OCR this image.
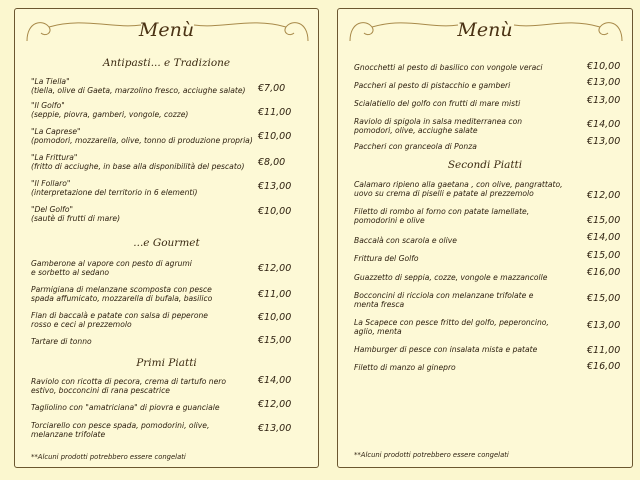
Menù
Antipasti... e Tradizione
"La Tiella"
(tiella, olive di Gaeta, marzolino fresco, acciughe salate)	€7,00
"Il Golfo"
(seppie, piovra, gamberi, vongole, cozze)	€11,00
"La Caprese"
(pomodori, mozzarella, olive, tonno di produzione propria) €10,00
"La Frittura"
(fritto di acciughe, in base alla disponibilità del pescato)	€8,00
"Il Follaro"
(interpretazione del territorio in 6 elementi)
€13,00
"Del Golfo"
(sautè di frutti di mare)
€10,00
...e Gourmet
Gamberone al vapore con pesto di agrumi
e sorbetto al sedano	€12,00
Parmigiana di melanzane scomposta con pesce
spada affumicato, mozzarella di bufala, basilico	€11,00
Flan di baccalà e patate con salsa di peperone
rosso e ceci al prezzemolo
€10,00
Tartare di tonno	€15,00
Primi Piatti
Raviolo con ricotta di pecora, crema di tartufo nero
estivo, bocconcini di rana pescatrice
€14,00
Tagliolino con "amatriciana" di piovra e guanciale	€12,00
Torciarello con pesce spada, pomodorini, olive,
melanzane trifolate
€13,00
**Alcuni prodotti potrebbero essere congelati
Menù
Gnocchetti al pesto di basilico con vongole veraci	€10,00
Paccheri al pesto di pistacchio e gamberi	€13,00
Scialatiello del golfo con frutti di mare misti	€13,00
Raviolo di spigola in salsa mediterranea con
pomodori, olive, acciughe salate
€14,00
Paccheri con granceola di Ponza	€13,00
Secondi Piatti
Calamaro ripieno alla gaetana , con olive, pangrattato,
uovo su crema di piselli e patate al prezzemolo	€12,00
Filetto di rombo al forno con patate lamellate,
pomodorini e olive	€15,00
Baccalà con scarola e olive	€14,00
Frittura del Golfo	€15,00
Guazzetto di seppia, cozze, vongole e mazzancolle	€16,00
Bocconcini di ricciola con melanzane trifolate e
menta fresca
€15,00
La Scapece con pesce fritto del golfo, peperoncino,
aglio, menta
€13,00
Hamburger di pesce con insalata mista e patate	€11,00
Filetto di manzo al ginepro	€16,00
**Alcuni prodotti potrebbero essere congelati
